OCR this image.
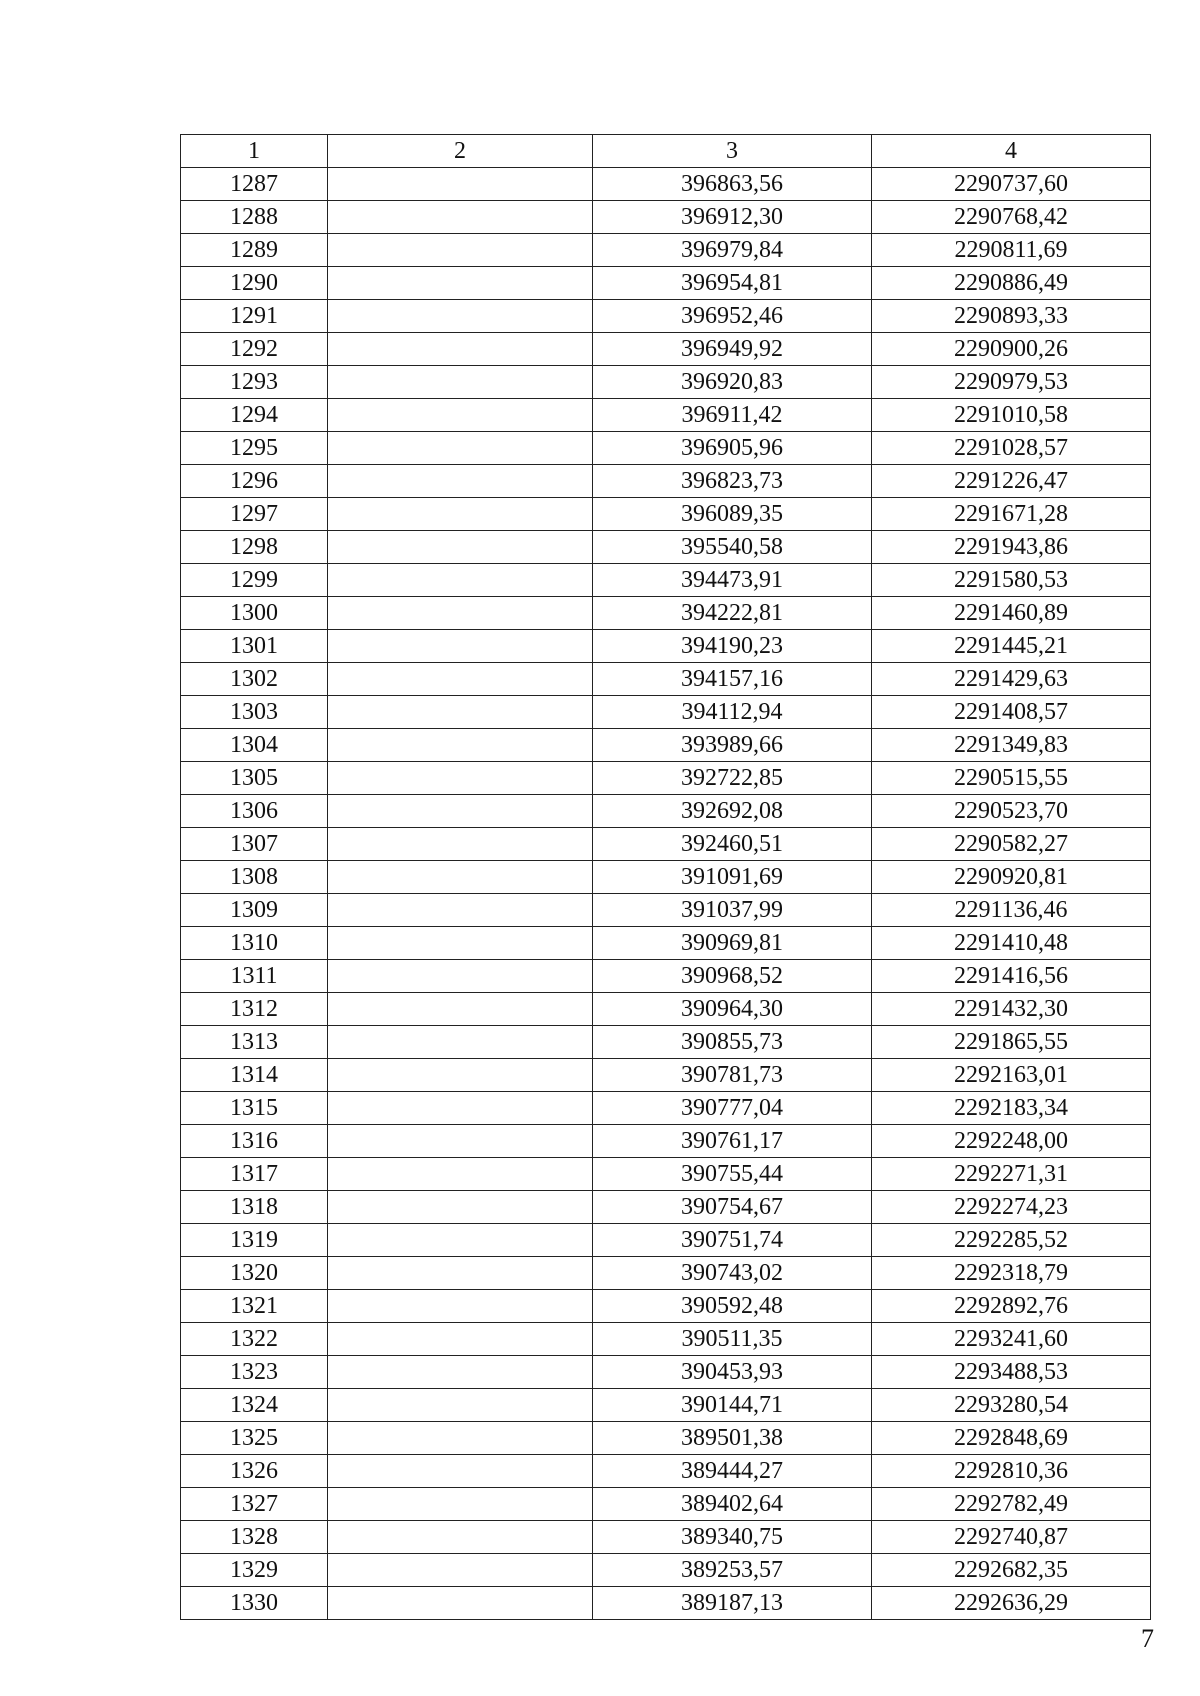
1	2	3	4
1287		396863,56	2290737,60
1288		396912,30	2290768,42
1289		396979,84	2290811,69
1290		396954,81	2290886,49
1291		396952,46	2290893,33
1292		396949,92	2290900,26
1293		396920,83	2290979,53
1294		396911,42	2291010,58
1295		396905,96	2291028,57
1296		396823,73	2291226,47
1297		396089,35	2291671,28
1298		395540,58	2291943,86
1299		394473,91	2291580,53
1300		394222,81	2291460,89
1301		394190,23	2291445,21
1302		394157,16	2291429,63
1303		394112,94	2291408,57
1304		393989,66	2291349,83
1305		392722,85	2290515,55
1306		392692,08	2290523,70
1307		392460,51	2290582,27
1308		391091,69	2290920,81
1309		391037,99	2291136,46
1310		390969,81	2291410,48
1311		390968,52	2291416,56
1312		390964,30	2291432,30
1313		390855,73	2291865,55
1314		390781,73	2292163,01
1315		390777,04	2292183,34
1316		390761,17	2292248,00
1317		390755,44	2292271,31
1318		390754,67	2292274,23
1319		390751,74	2292285,52
1320		390743,02	2292318,79
1321		390592,48	2292892,76
1322		390511,35	2293241,60
1323		390453,93	2293488,53
1324		390144,71	2293280,54
1325		389501,38	2292848,69
1326		389444,27	2292810,36
1327		389402,64	2292782,49
1328		389340,75	2292740,87
1329		389253,57	2292682,35
1330		389187,13	2292636,29
7
